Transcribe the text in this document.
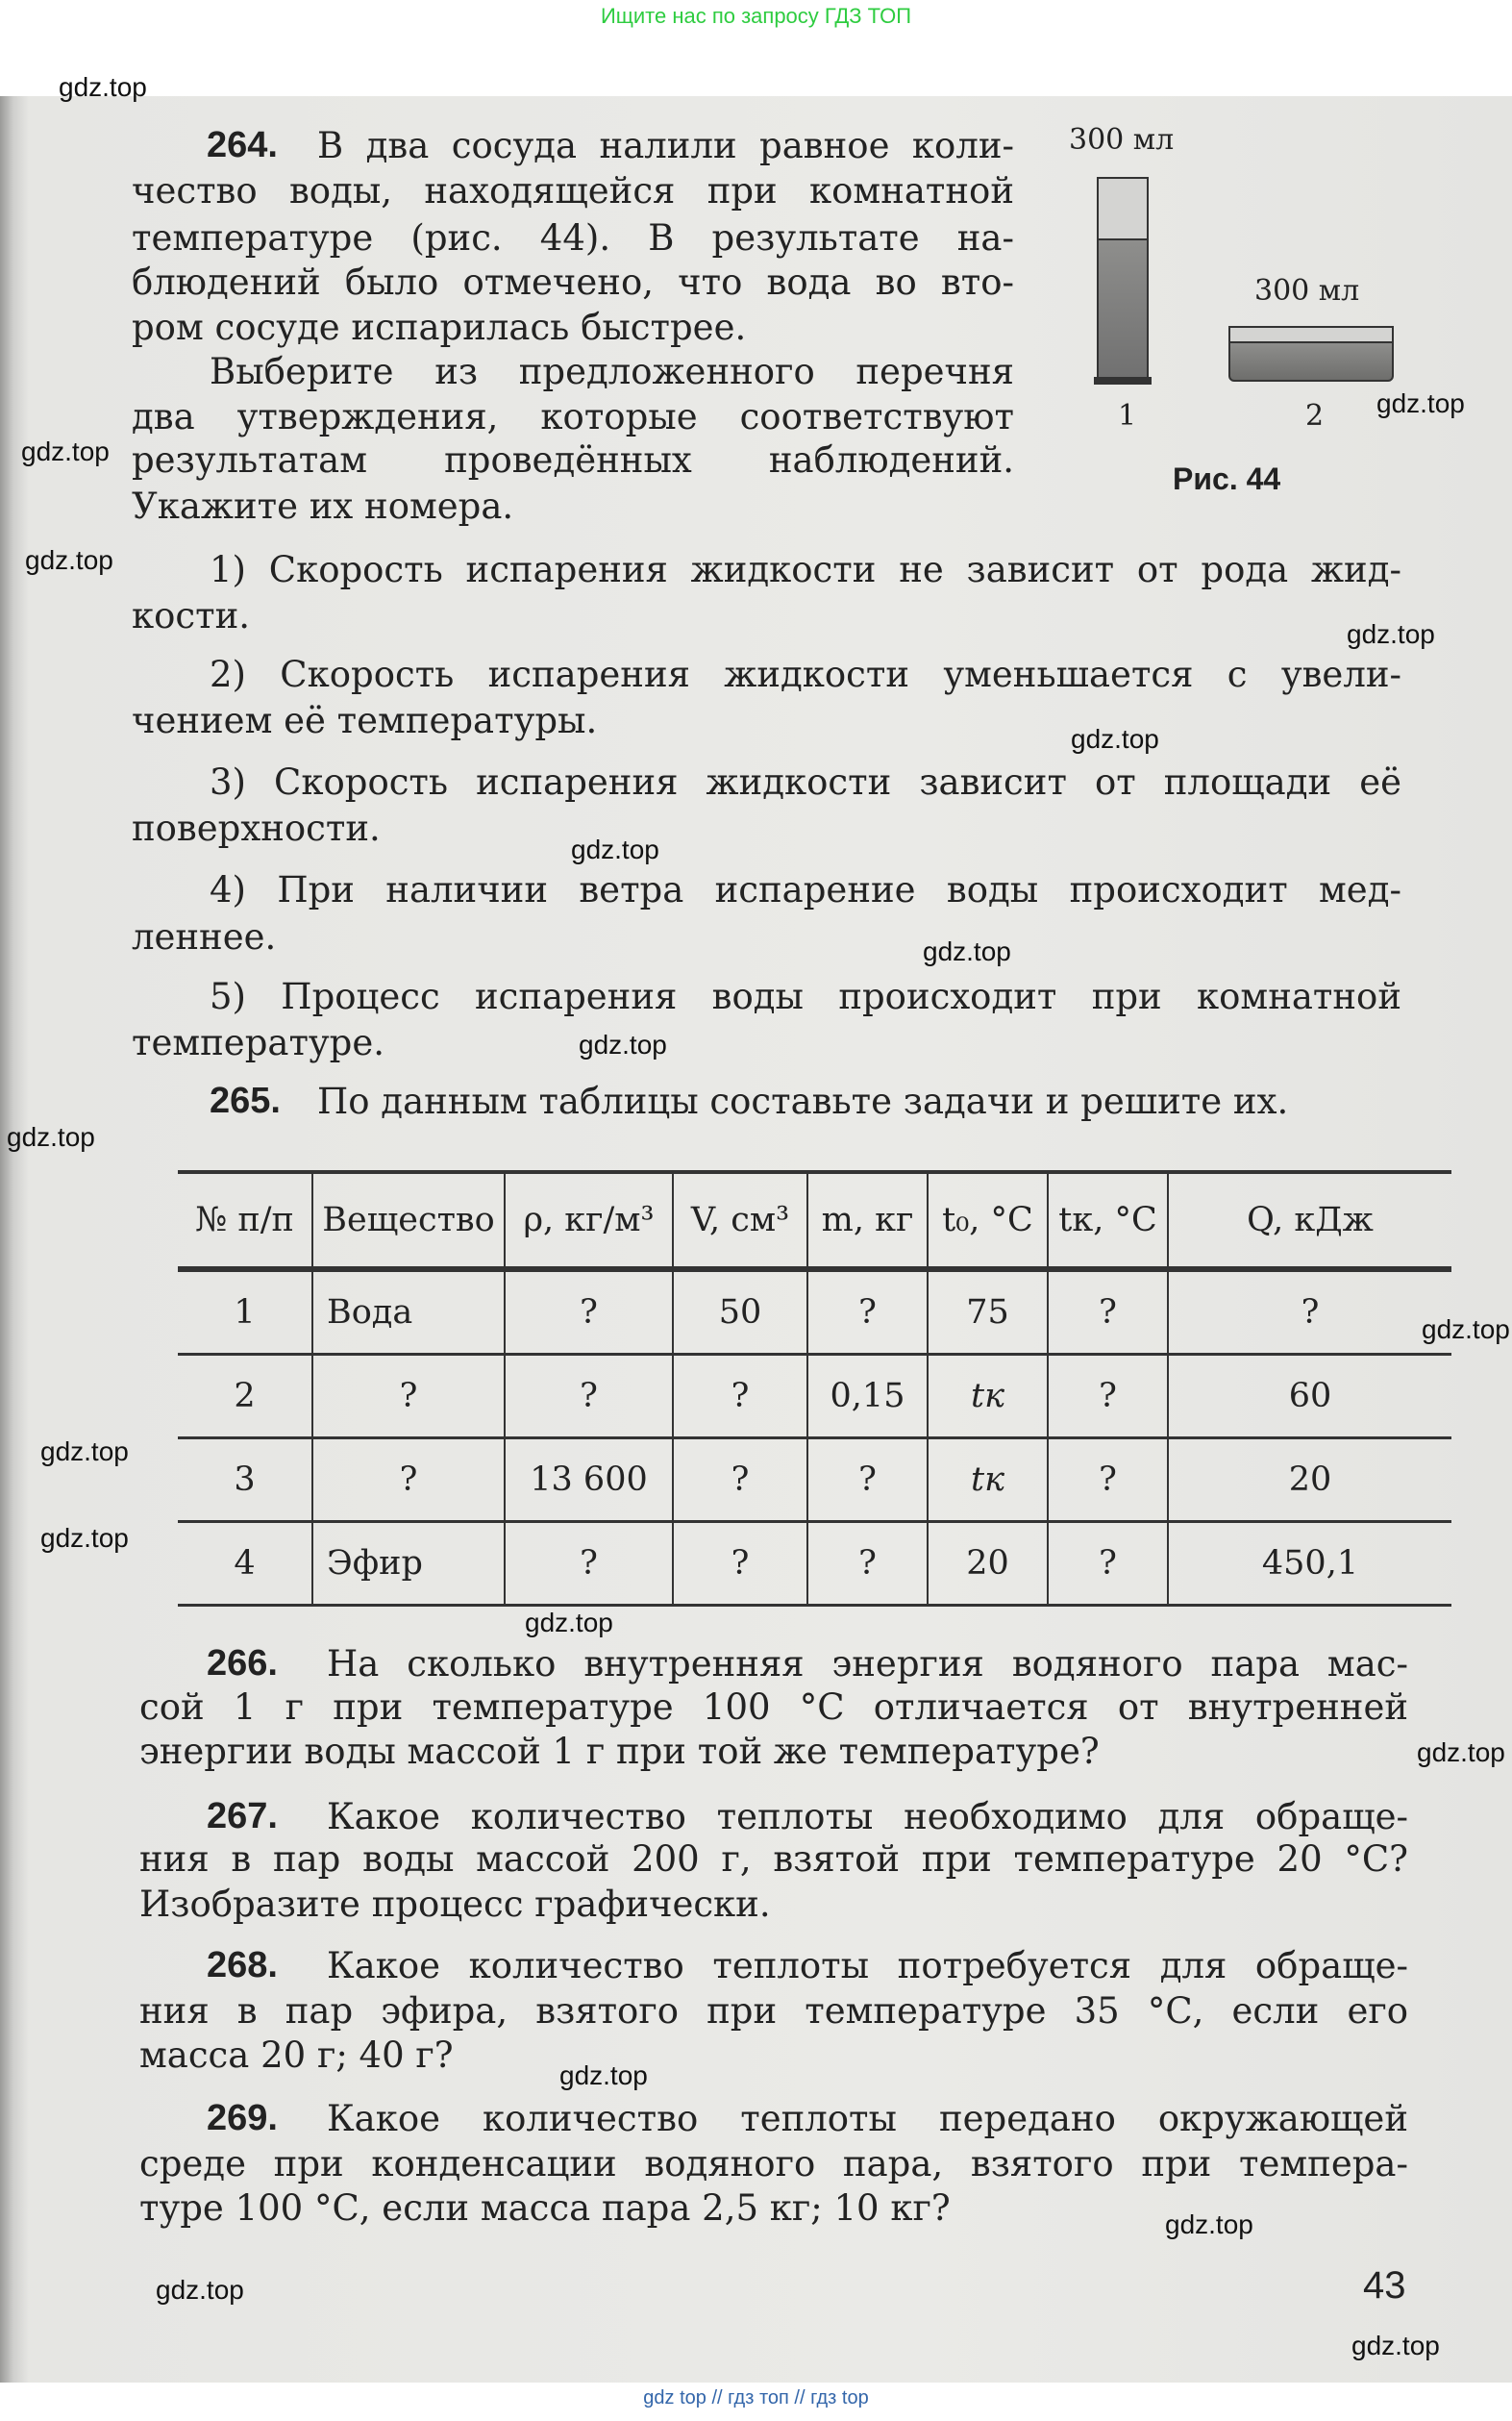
Ищите нас по запросу ГДЗ ТОП
300 мл
300 мл
1	2
Рис. 44
264. В два сосуда налили равное коли-
чество воды, находящейся при комнатной
температуре (рис. 44). В результате на-
блюдений было отмечено, что вода во вто-
ром сосуде испарилась быстрее.
Выберите из предложенного перечня
два утверждения, которые соответствуют
результатам проведённых наблюдений.
Укажите их номера.
1) Скорость испарения жидкости не зависит от рода жид-
кости.
2) Скорость испарения жидкости уменьшается с увели-
чением её температуры.
3) Скорость испарения жидкости зависит от площади её
поверхности.
4) При наличии ветра испарение воды происходит мед-
леннее.
5) Процесс испарения воды происходит при комнатной
температуре.
265. По данным таблицы составьте задачи и решите их.
266. На сколько внутренняя энергия водяного пара мас-
сой 1 г при температуре 100 °С отличается от внутренней
энергии воды массой 1 г при той же температуре?
267. Какое количество теплоты необходимо для обраще-
ния в пар воды массой 200 г, взятой при температуре 20 °С?
Изобразите процесс графически.
268. Какое количество теплоты потребуется для обраще-
ния в пар эфира, взятого при температуре 35 °С, если его
масса 20 г; 40 г?
269. Какое количество теплоты передано окружающей
среде при конденсации водяного пара, взятого при темпера-
туре 100 °С, если масса пара 2,5 кг; 10 кг?
№ п/п	Вещество	ρ, кг/м³	V, см³	m, кг	t₀, °C	tк, °C	Q, кДж
1	Вода	?	50	?	75	?	?
2	?	?	?	0,15	tк	?	60
3	?	13 600	?	?	tк	?	20
4	Эфир	?	?	?	20	?	450,1
43
gdz.top
gdz.top
gdz.top
gdz.top
gdz.top
gdz.top
gdz.top
gdz.top
gdz.top
gdz.top
gdz.top
gdz.top
gdz.top
gdz.top
gdz.top
gdz.top
gdz.top
gdz.top
gdz.top
gdz top // гдз топ // гдз top
